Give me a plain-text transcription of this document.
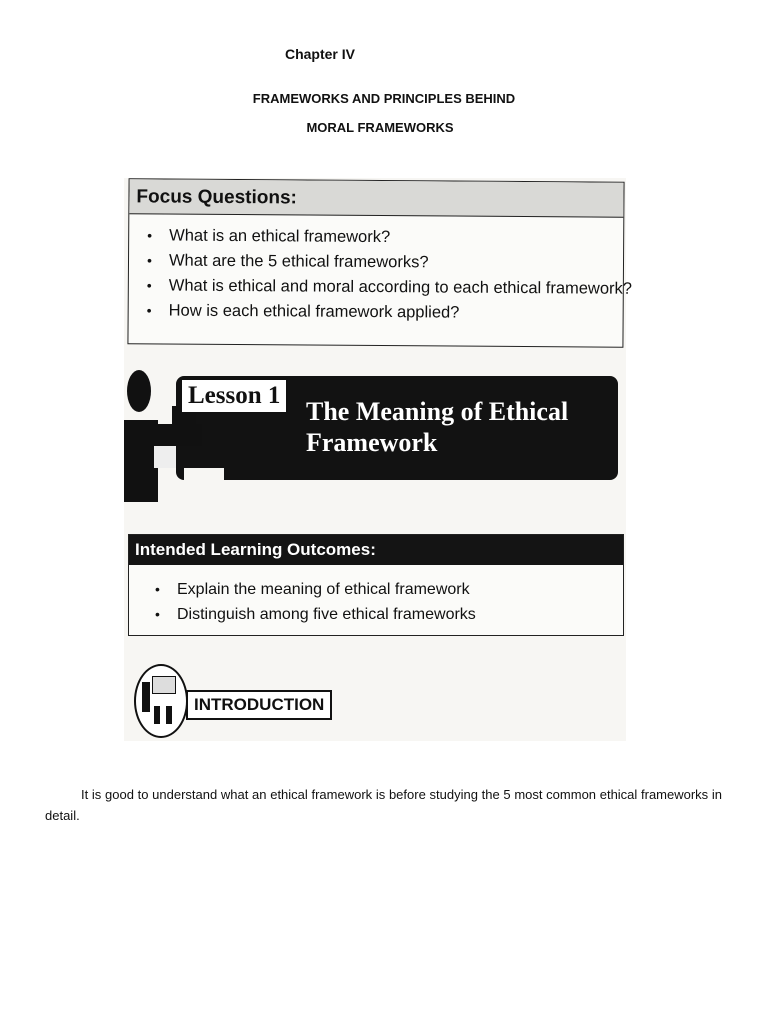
Chapter IV
FRAMEWORKS AND PRINCIPLES BEHIND
MORAL FRAMEWORKS
Focus Questions:
• What is an ethical framework?
• What are the 5 ethical frameworks?
• What is ethical and moral according to each ethical framework?
• How is each ethical framework applied?
Lesson 1
The Meaning of Ethical Framework
Intended Learning Outcomes:
• Explain the meaning of ethical framework
• Distinguish among five ethical frameworks
INTRODUCTION

It is good to understand what an ethical framework is before studying the 5 most common ethical frameworks in detail.
